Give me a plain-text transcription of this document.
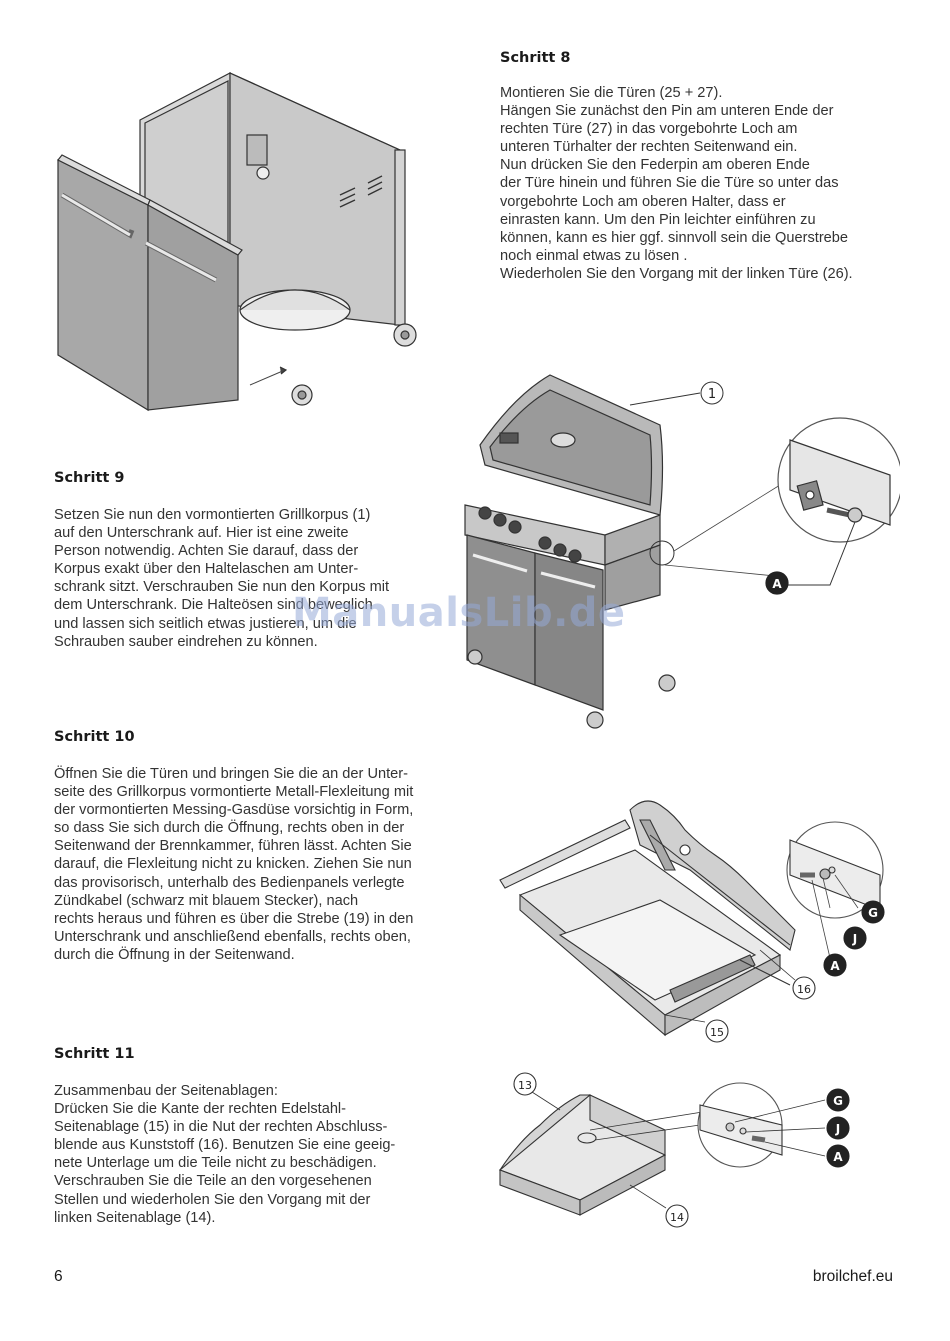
Schritt 8
Montieren Sie die Türen (25 + 27).
Hängen Sie zunächst den Pin am unteren Ende der
rechten Türe (27) in das vorgebohrte Loch am
unteren Türhalter der rechten Seitenwand ein.
Nun drücken Sie den Federpin am oberen Ende
der Türe hinein und führen Sie die Türe so unter das
vorgebohrte Loch am oberen Halter, dass er
einrasten kann. Um den Pin leichter einführen zu
können, kann es hier ggf. sinnvoll sein die Querstrebe
noch einmal etwas zu lösen .
Wiederholen Sie den Vorgang mit der linken Türe (26).
1
A
Schritt 9
Setzen Sie nun den vormontierten Grillkorpus (1)
auf den Unterschrank auf. Hier ist eine zweite
Person notwendig. Achten Sie darauf, dass der
Korpus exakt über den Haltelaschen am Unter-
schrank sitzt. Verschrauben Sie nun den Korpus mit
dem Unterschrank. Die Halteösen sind beweglich
und lassen sich seitlich etwas justieren, um die
Schrauben sauber eindrehen zu können.
ManualsLib.de
Schritt 10
Öffnen Sie die Türen und bringen Sie die an der Unter-
seite des Grillkorpus vormontierte Metall-Flexleitung mit
der vormontierten Messing-Gasdüse vorsichtig in Form,
so dass Sie sich durch die Öffnung, rechts oben in der
Seitenwand der Brennkammer, führen lässt. Achten Sie
darauf, die Flexleitung nicht zu knicken. Ziehen Sie nun
das provisorisch, unterhalb des Bedienpanels verlegte
Zündkabel (schwarz mit blauem Stecker), nach
rechts heraus und führen es über die Strebe (19) in den
Unterschrank und anschließend ebenfalls, rechts oben,
durch die Öffnung in der Seitenwand.
G
J
A
16
15
Schritt 11
Zusammenbau der Seitenablagen:
Drücken Sie die Kante der rechten Edelstahl-
Seitenablage (15) in die Nut der rechten Abschluss-
blende aus Kunststoff (16). Benutzen Sie eine geeig-
nete Unterlage um die Teile nicht zu beschädigen.
Verschrauben Sie die Teile an den vorgesehenen
Stellen und wiederholen Sie den Vorgang mit der
linken Seitenablage (14).
13
14
G
J
A
6	broilchef.eu
